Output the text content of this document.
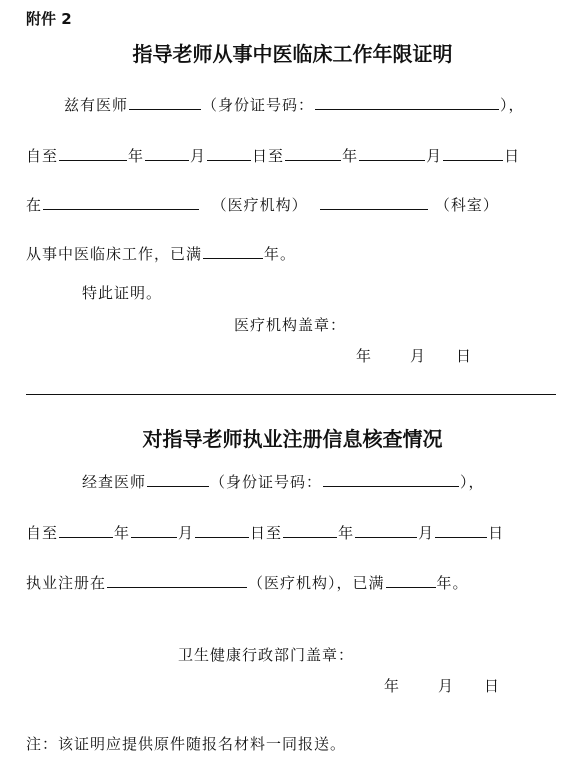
附件 2
指导老师从事中医临床工作年限证明
兹有医师	（身份证号码：	），
自至	年	月	日至	年	月	日
在	（医疗机构）	（科室）
从事中医临床工作，已满	年。
特此证明。
医疗机构盖章：
年	月 日
对指导老师执业注册信息核查情况
经查医师	（身份证号码：	），
自至	年	月	日至	年	月	日
执业注册在	（医疗机构），已满	年。
卫生健康行政部门盖章：
年	月 日
注：该证明应提供原件随报名材料一同报送。
